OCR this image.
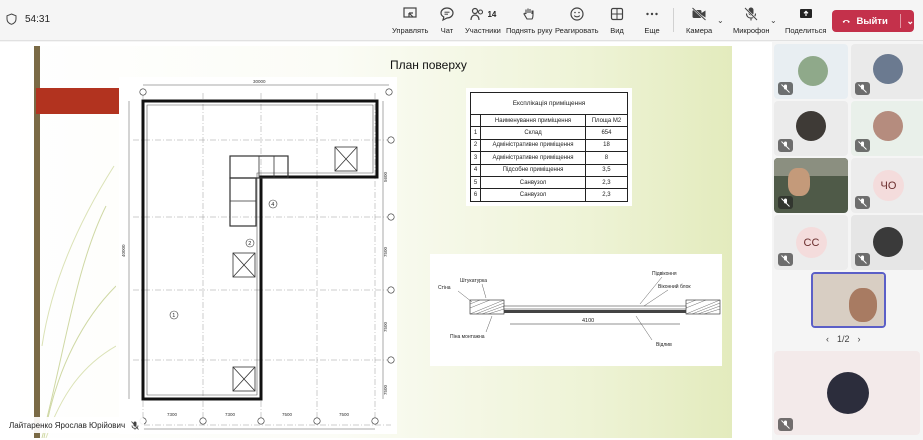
54:31
Управлять Чат
14
Участники Поднять руку Реагировать Вид	Еще	Камера
⌄
Микрофон
⌄
Поделиться
Выйти ⌄
План поверху
30000
40000
5600
7500
7500
7500
7300	7300	7500	7500
1
2
4
Експлікація приміщення		
	Наименування приміщення	Площа М2
1	Склад	654
2	Адміністративне приміщення	18
3	Адміністративне приміщення	8
4	Підсобне приміщення	3,5
5	Санвузол	2,3
6	Санвузол	2,3
4100
Штукатурка
Стіна
Піна монтажна
Підвіконня
Віконний блок
Відлив
Лайтаренко Ярослав Юрійович
ЧО
СС
‹ 1/2 ›
